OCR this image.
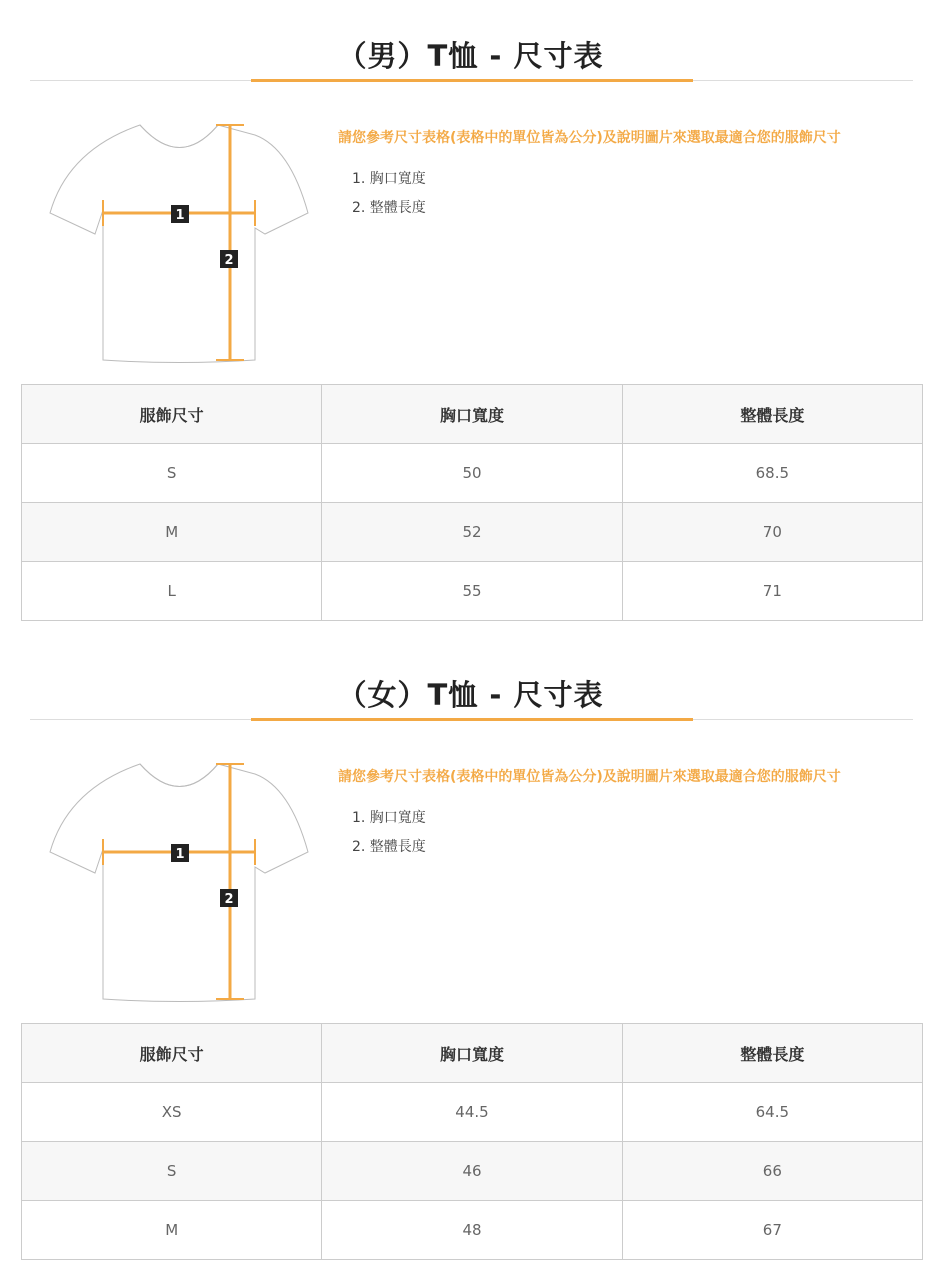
（男）T恤 - 尺寸表
1
2

請您參考尺寸表格(表格中的單位皆為公分)及說明圖片來選取最適合您的服飾尺寸

1. 胸口寬度
2. 整體長度
服飾尺寸	胸口寬度	整體長度
S	50	68.5
M	52	70
L	55	71
（女）T恤 - 尺寸表
1
2

請您參考尺寸表格(表格中的單位皆為公分)及說明圖片來選取最適合您的服飾尺寸

1. 胸口寬度
2. 整體長度
服飾尺寸	胸口寬度	整體長度
XS	44.5	64.5
S	46	66
M	48	67
